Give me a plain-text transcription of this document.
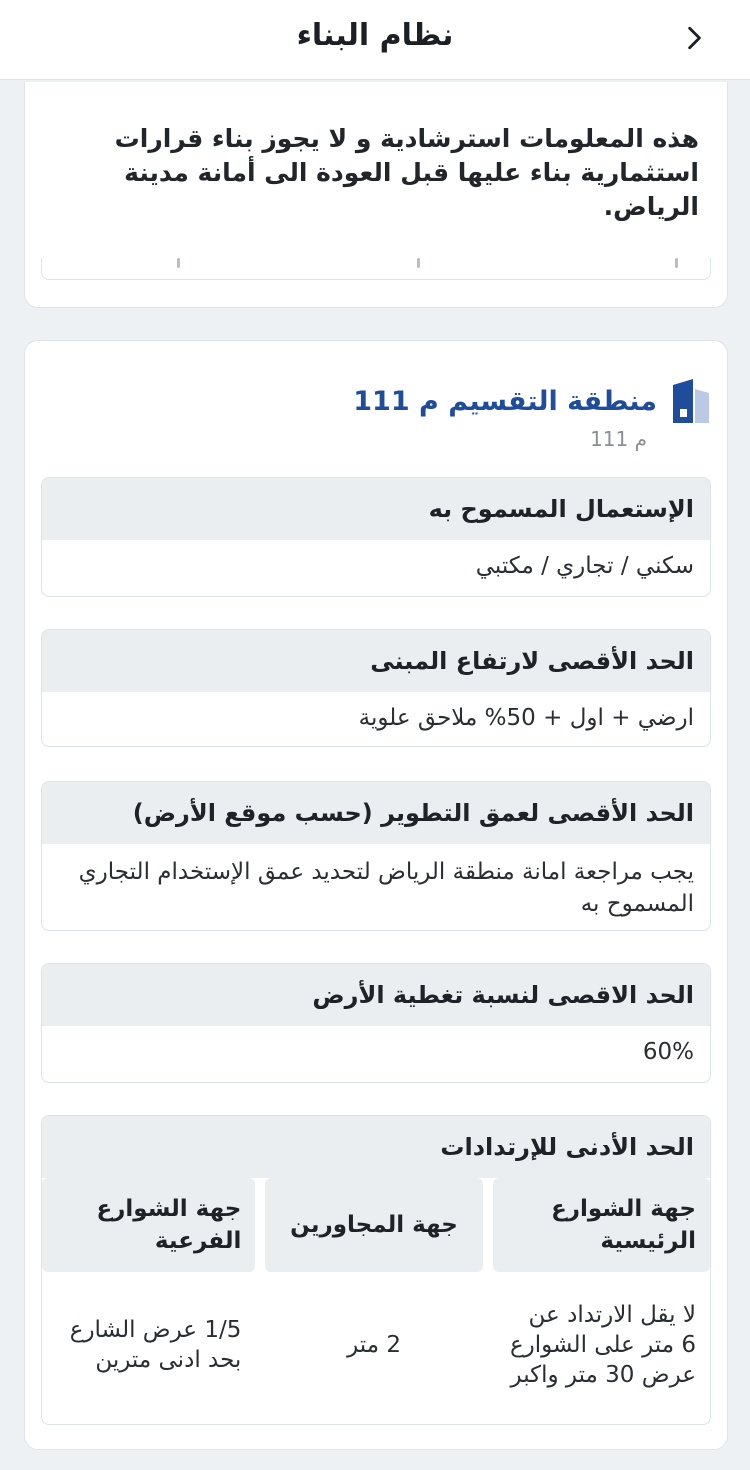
نظام البناء
هذه المعلومات استرشادية و لا يجوز بناء قرارات استثمارية بناء عليها قبل العودة الى أمانة مدينة الرياض.
منطقة التقسيم م 111
م 111
الإستعمال المسموح به
سكني / تجاري / مكتبي
الحد الأقصى لارتفاع المبنى
ارضي + اول + 50% ملاحق علوية
الحد الأقصى لعمق التطوير (حسب موقع الأرض)
يجب مراجعة امانة منطقة الرياض لتحديد عمق الإستخدام التجاري المسموح به
الحد الاقصى لنسبة تغطية الأرض
60%
الحد الأدنى للإرتدادات
جهة الشوارع الرئيسية
لا يقل الارتداد عن 6 متر على الشوارع عرض 30 متر واكبر
جهة المجاورين
2 متر
جهة الشوارع الفرعية
1/5 عرض الشارع بحد ادنى مترين
